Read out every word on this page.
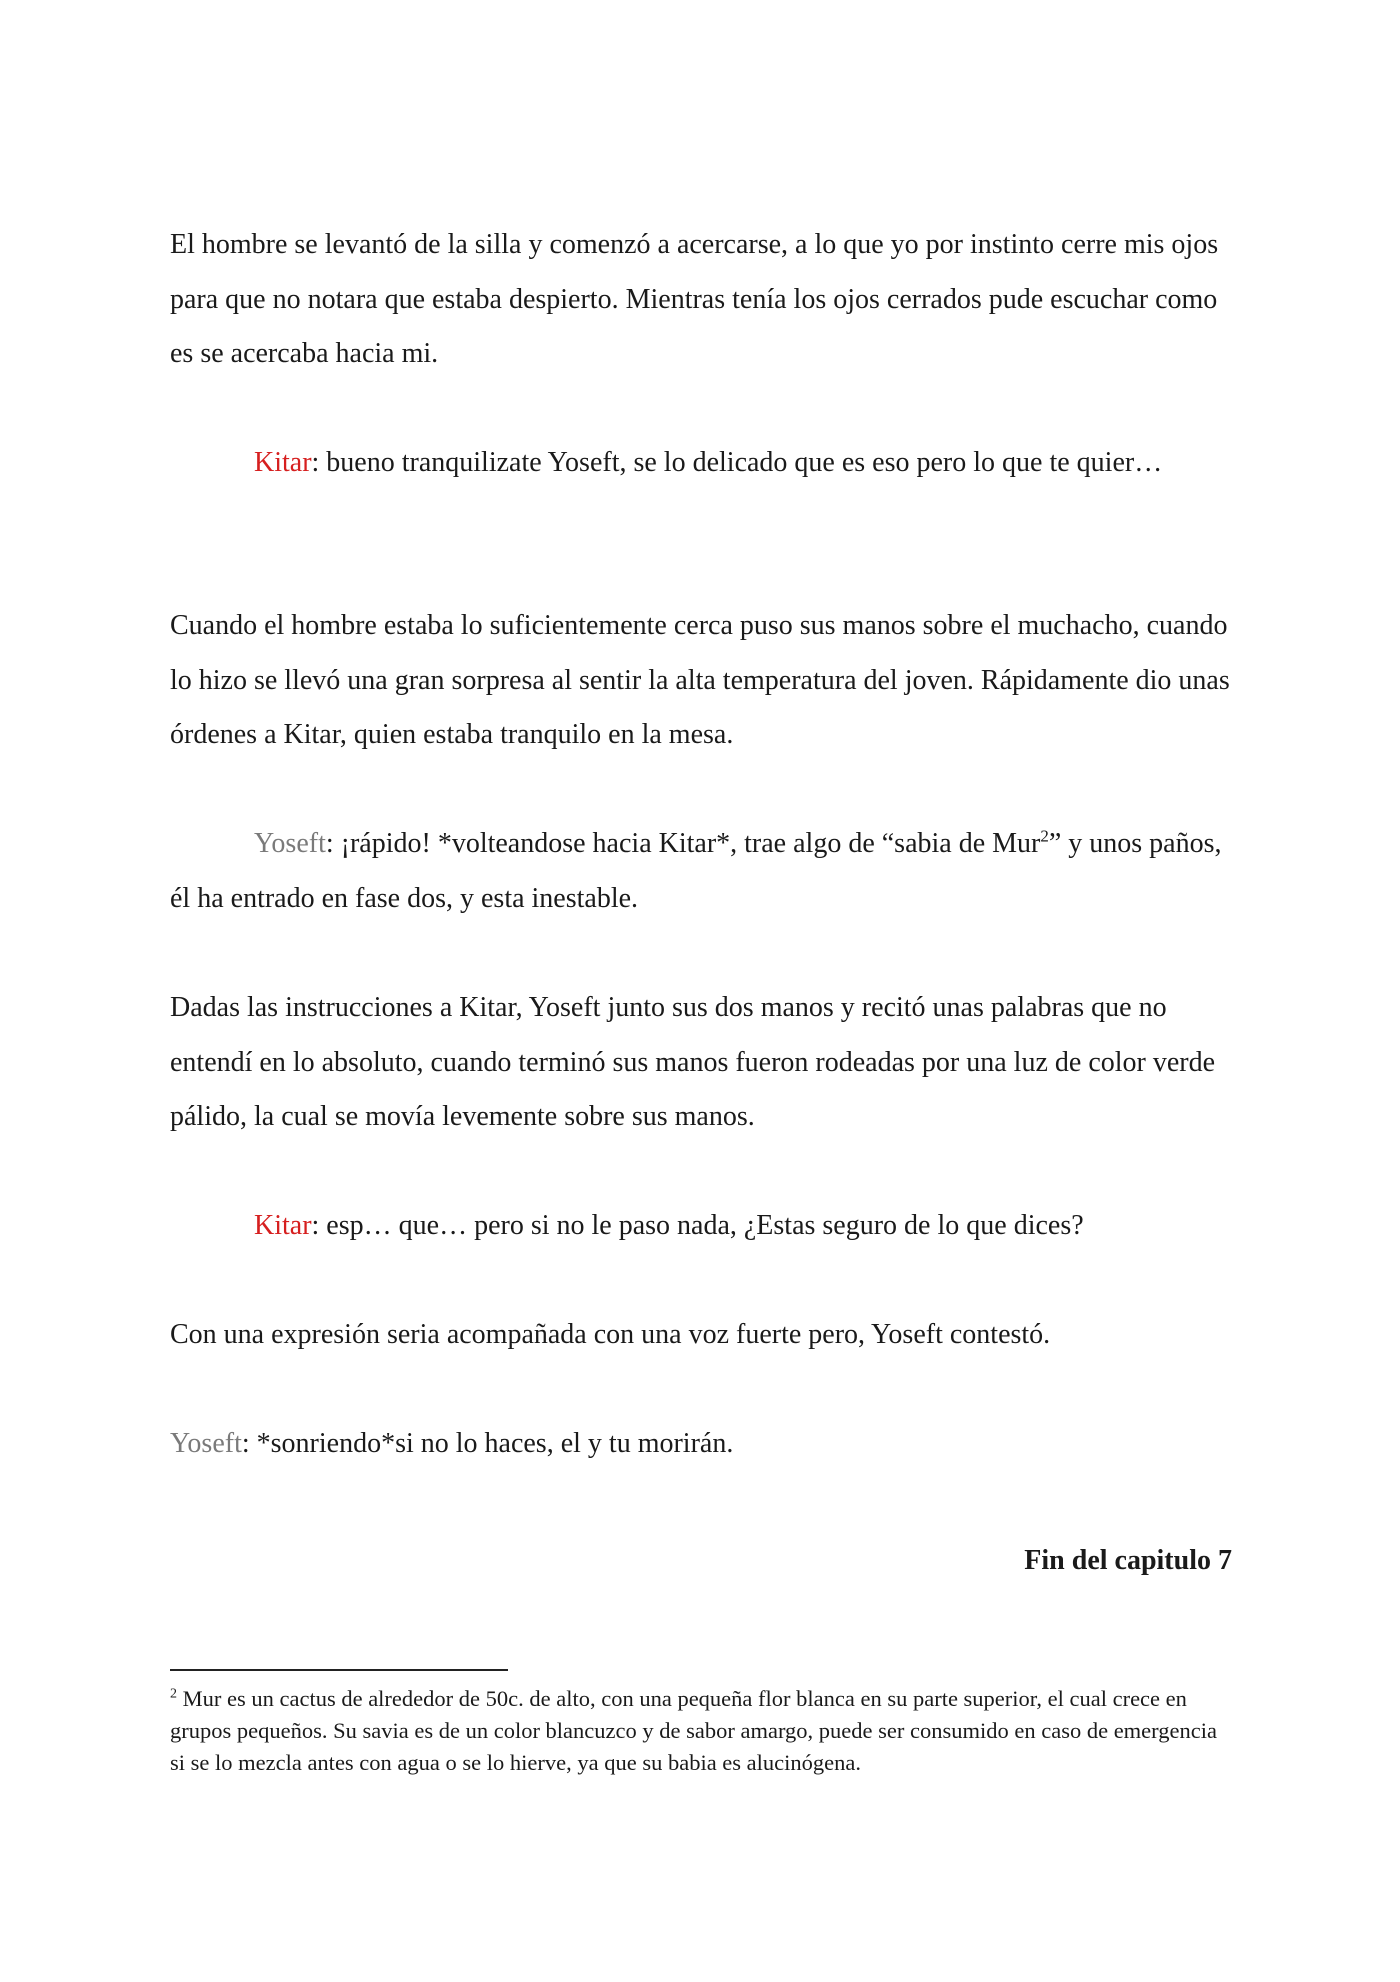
El hombre se levantó de la silla y comenzó a acercarse, a lo que yo por instinto cerre mis ojos para que no notara que estaba despierto. Mientras tenía los ojos cerrados pude escuchar como es se acercaba hacia mi.

Kitar: bueno tranquilizate Yoseft, se lo delicado que es eso pero lo que te quier…

Cuando el hombre estaba lo suficientemente cerca puso sus manos sobre el muchacho, cuando lo hizo se llevó una gran sorpresa al sentir la alta temperatura del joven. Rápidamente dio unas órdenes a Kitar, quien estaba tranquilo en la mesa.

Yoseft: ¡rápido! *volteandose hacia Kitar*, trae algo de “sabia de Mur$^2$” y unos paños, él ha entrado en fase dos, y esta inestable.

Dadas las instrucciones a Kitar, Yoseft junto sus dos manos y recitó unas palabras que no entendí en lo absoluto, cuando terminó sus manos fueron rodeadas por una luz de color verde pálido, la cual se movía levemente sobre sus manos.

Kitar: esp… que… pero si no le paso nada, ¿Estas seguro de lo que dices?

Con una expresión seria acompañada con una voz fuerte pero, Yoseft contestó.

Yoseft: *sonriendo*si no lo haces, el y tu morirán.

Fin del capitulo 7

$^2$ Mur es un cactus de alrededor de 50c. de alto, con una pequeña flor blanca en su parte superior, el cual crece en grupos pequeños. Su savia es de un color blancuzco y de sabor amargo, puede ser consumido en caso de emergencia si se lo mezcla antes con agua o se lo hierve, ya que su babia es alucinógena.
